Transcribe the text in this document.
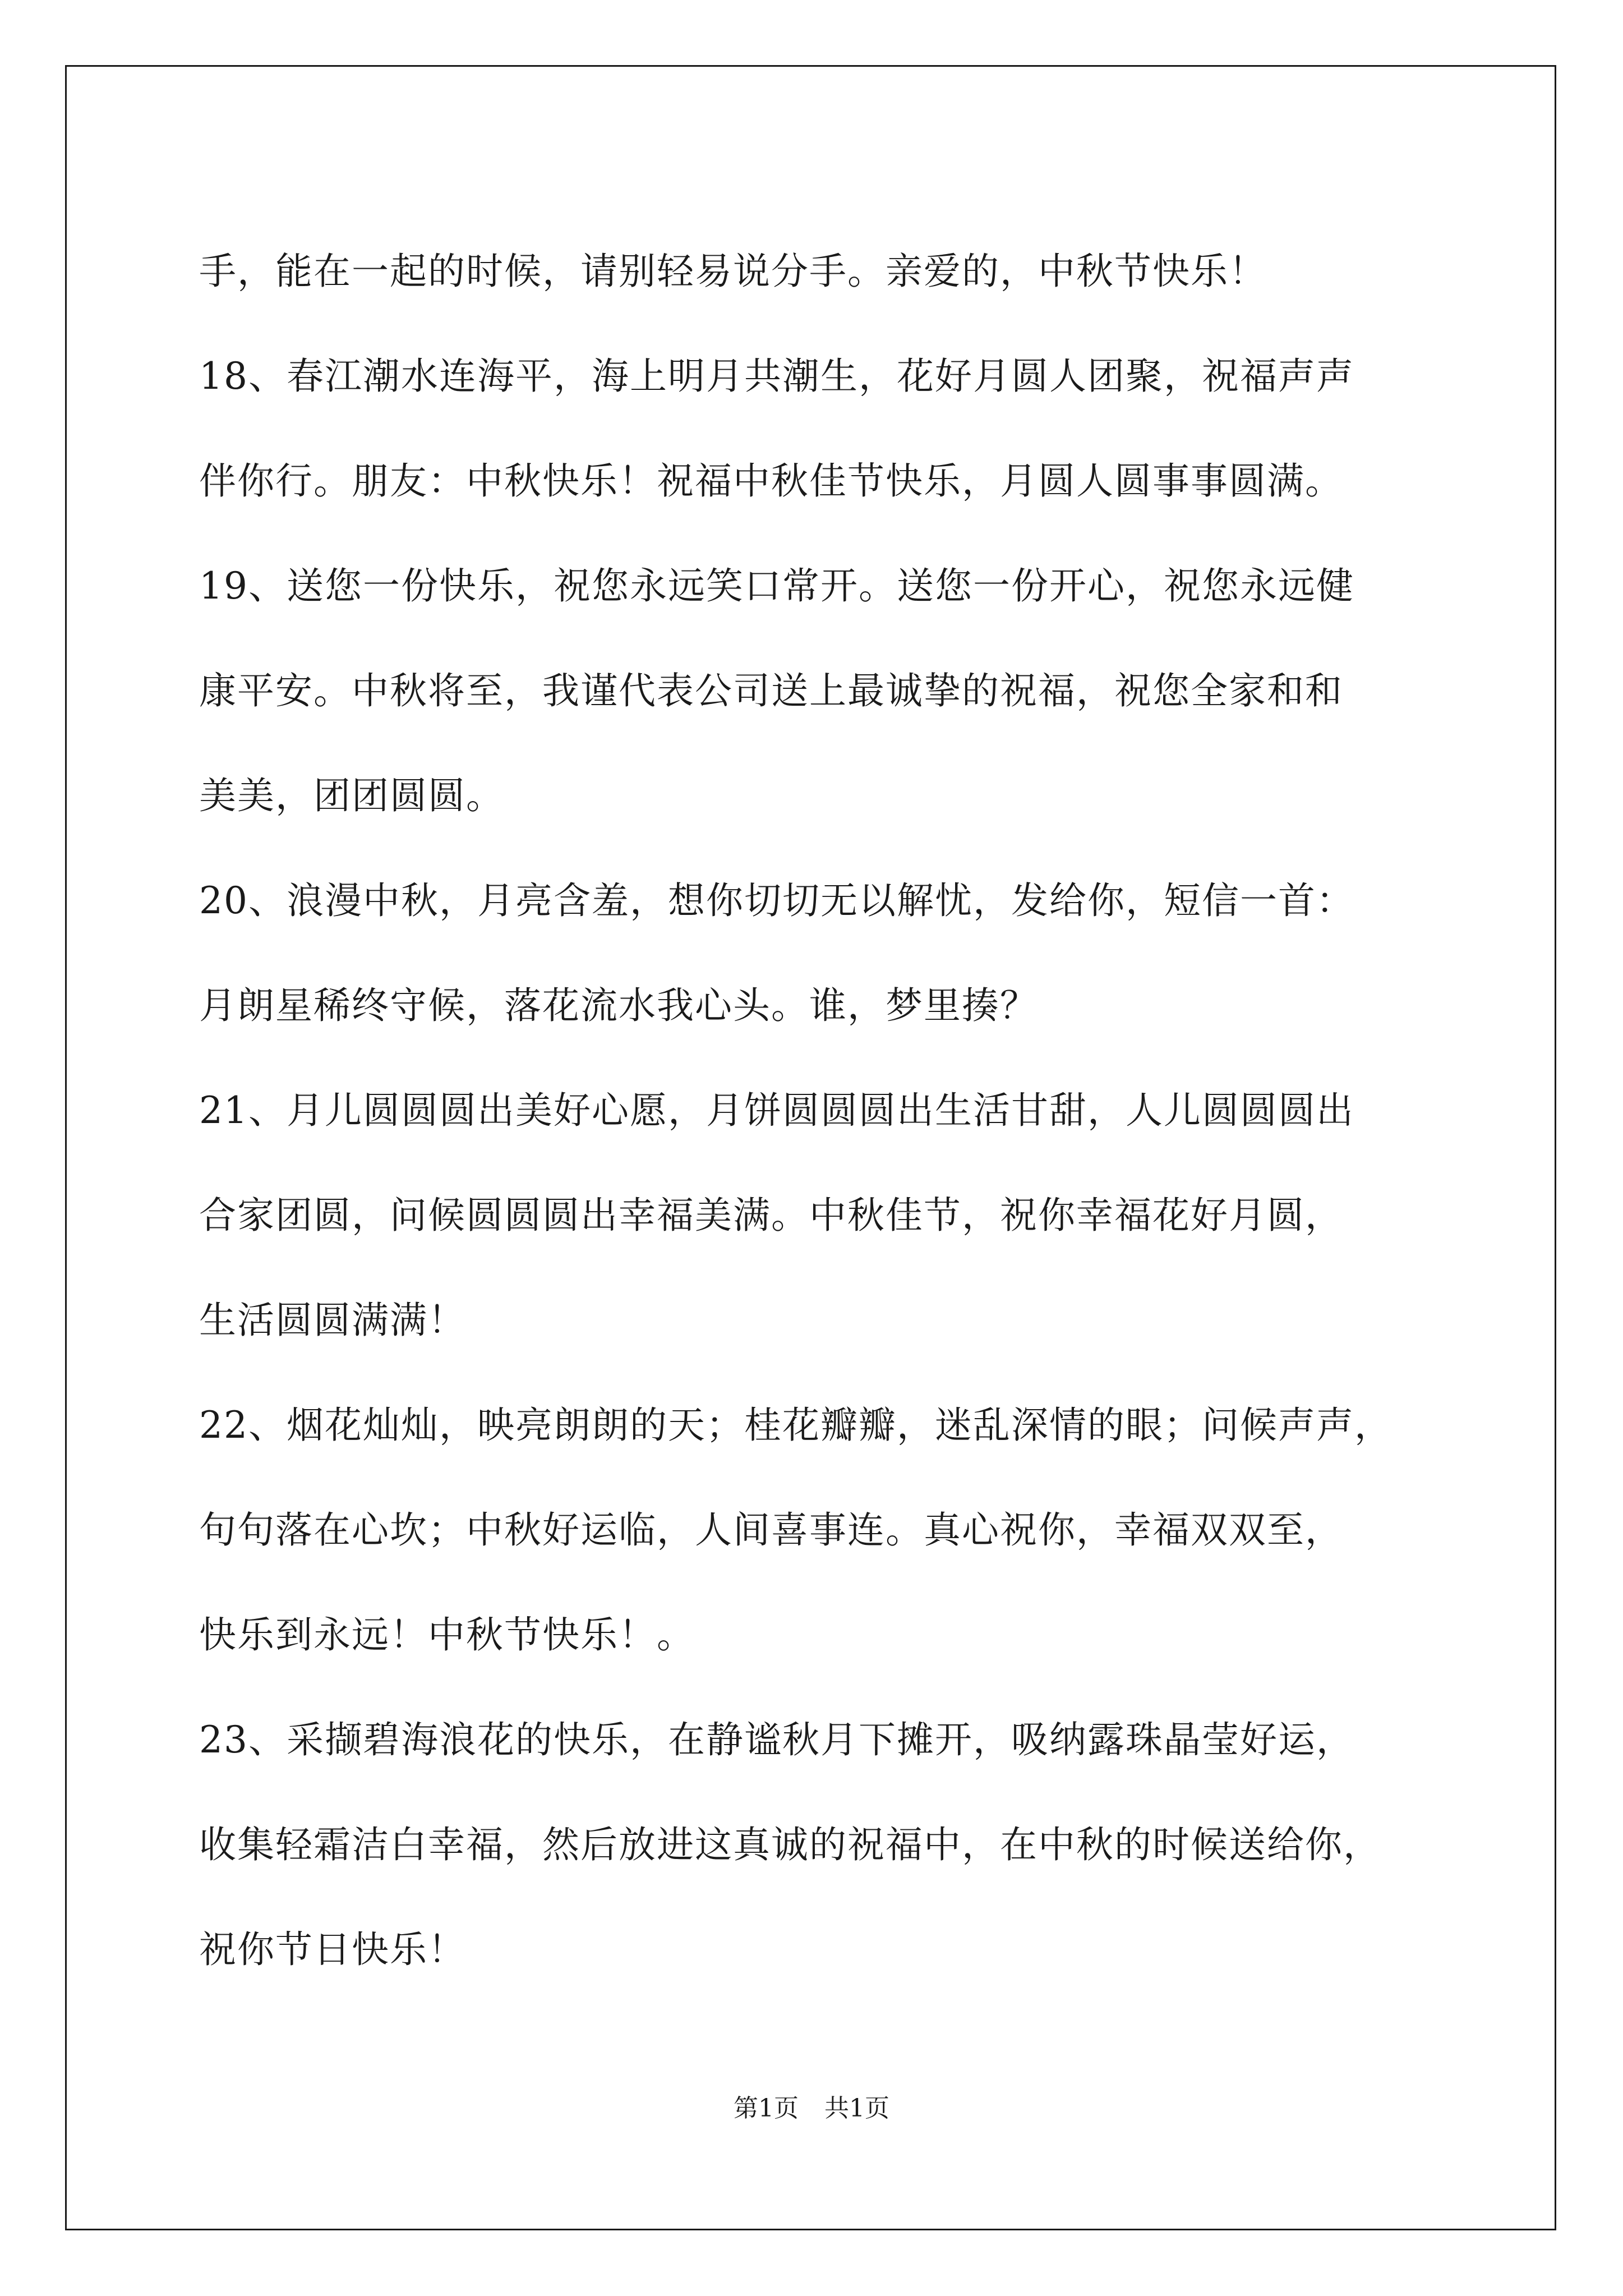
手，能在一起的时候，请别轻易说分手。亲爱的，中秋节快乐！
18、春江潮水连海平，海上明月共潮生，花好月圆人团聚，祝福声声
伴你行。朋友：中秋快乐！祝福中秋佳节快乐，月圆人圆事事圆满。
19、送您一份快乐，祝您永远笑口常开。送您一份开心，祝您永远健
康平安。中秋将至，我谨代表公司送上最诚挚的祝福，祝您全家和和
美美，团团圆圆。
20、浪漫中秋，月亮含羞，想你切切无以解忧，发给你，短信一首：
月朗星稀终守候，落花流水我心头。谁，梦里揍？
21、月儿圆圆圆出美好心愿，月饼圆圆圆出生活甘甜，人儿圆圆圆出
合家团圆，问候圆圆圆出幸福美满。中秋佳节，祝你幸福花好月圆，
生活圆圆满满！
22、烟花灿灿，映亮朗朗的天；桂花瓣瓣，迷乱深情的眼；问候声声，
句句落在心坎；中秋好运临，人间喜事连。真心祝你，幸福双双至，
快乐到永远！中秋节快乐！。
23、采撷碧海浪花的快乐，在静谧秋月下摊开，吸纳露珠晶莹好运，
收集轻霜洁白幸福，然后放进这真诚的祝福中，在中秋的时候送给你，
祝你节日快乐！
第1页 共1页
